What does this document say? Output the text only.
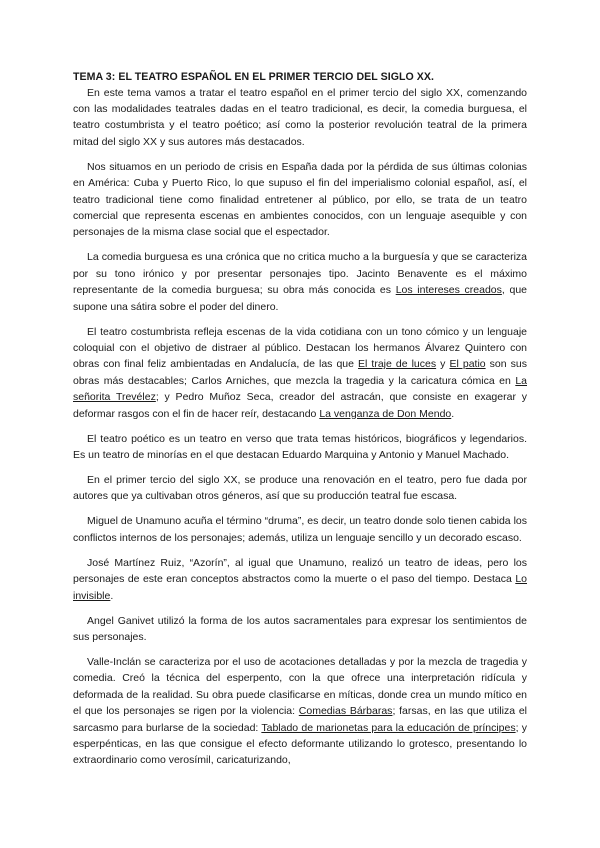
TEMA 3: EL TEATRO ESPAÑOL EN EL PRIMER TERCIO DEL SIGLO XX.

En este tema vamos a tratar el teatro español en el primer tercio del siglo XX, comenzando con las modalidades teatrales dadas en el teatro tradicional, es decir, la comedia burguesa, el teatro costumbrista y el teatro poético; así como la posterior revolución teatral de la primera mitad del siglo XX y sus autores más destacados.

Nos situamos en un periodo de crisis en España dada por la pérdida de sus últimas colonias en América: Cuba y Puerto Rico, lo que supuso el fin del imperialismo colonial español, así, el teatro tradicional tiene como finalidad entretener al público, por ello, se trata de un teatro comercial que representa escenas en ambientes conocidos, con un lenguaje asequible y con personajes de la misma clase social que el espectador.

La comedia burguesa es una crónica que no critica mucho a la burguesía y que se caracteriza por su tono irónico y por presentar personajes tipo. Jacinto Benavente es el máximo representante de la comedia burguesa; su obra más conocida es Los intereses creados, que supone una sátira sobre el poder del dinero.

El teatro costumbrista refleja escenas de la vida cotidiana con un tono cómico y un lenguaje coloquial con el objetivo de distraer al público. Destacan los hermanos Álvarez Quintero con obras con final feliz ambientadas en Andalucía, de las que El traje de luces y El patio son sus obras más destacables; Carlos Arniches, que mezcla la tragedia y la caricatura cómica en La señorita Trevélez; y Pedro Muñoz Seca, creador del astracán, que consiste en exagerar y deformar rasgos con el fin de hacer reír, destacando La venganza de Don Mendo.

El teatro poético es un teatro en verso que trata temas históricos, biográficos y legendarios. Es un teatro de minorías en el que destacan Eduardo Marquina y Antonio y Manuel Machado.

En el primer tercio del siglo XX, se produce una renovación en el teatro, pero fue dada por autores que ya cultivaban otros géneros, así que su producción teatral fue escasa.

Miguel de Unamuno acuña el término “druma”, es decir, un teatro donde solo tienen cabida los conflictos internos de los personajes; además, utiliza un lenguaje sencillo y un decorado escaso.

José Martínez Ruiz, “Azorín”, al igual que Unamuno, realizó un teatro de ideas, pero los personajes de este eran conceptos abstractos como la muerte o el paso del tiempo. Destaca Lo invisible.

Angel Ganivet utilizó la forma de los autos sacramentales para expresar los sentimientos de sus personajes.

Valle-Inclán se caracteriza por el uso de acotaciones detalladas y por la mezcla de tragedia y comedia. Creó la técnica del esperpento, con la que ofrece una interpretación ridícula y deformada de la realidad. Su obra puede clasificarse en míticas, donde crea un mundo mítico en el que los personajes se rigen por la violencia: Comedias Bárbaras; farsas, en las que utiliza el sarcasmo para burlarse de la sociedad: Tablado de marionetas para la educación de príncipes; y esperpénticas, en las que consigue el efecto deformante utilizando lo grotesco, presentando lo extraordinario como verosímil, caricaturizando,
